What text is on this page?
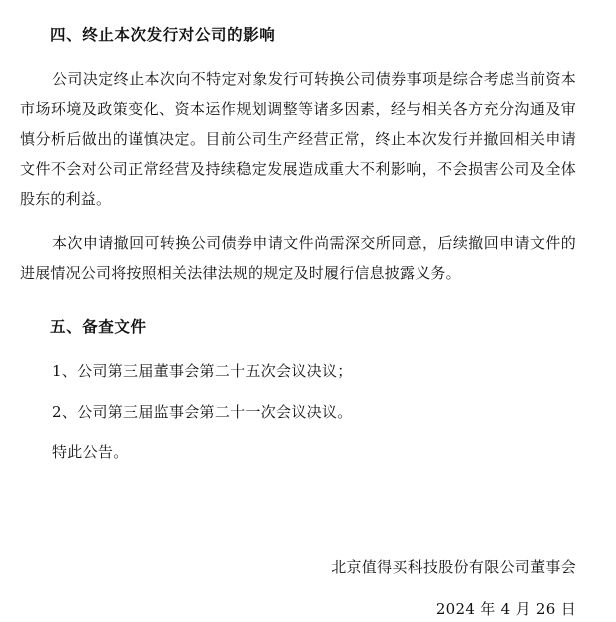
四、终止本次发行对公司的影响

公司决定终止本次向不特定对象发行可转换公司债券事项是综合考虑当前资本市场环境及政策变化、资本运作规划调整等诸多因素，经与相关各方充分沟通及审慎分析后做出的谨慎决定。目前公司生产经营正常，终止本次发行并撤回相关申请文件不会对公司正常经营及持续稳定发展造成重大不利影响，不会损害公司及全体股东的利益。

本次申请撤回可转换公司债券申请文件尚需深交所同意，后续撤回申请文件的进展情况公司将按照相关法律法规的规定及时履行信息披露义务。

五、备查文件
1、公司第三届董事会第二十五次会议决议；
2、公司第三届监事会第二十一次会议决议。
特此公告。
北京值得买科技股份有限公司董事会
2024 年 4 月 26 日
